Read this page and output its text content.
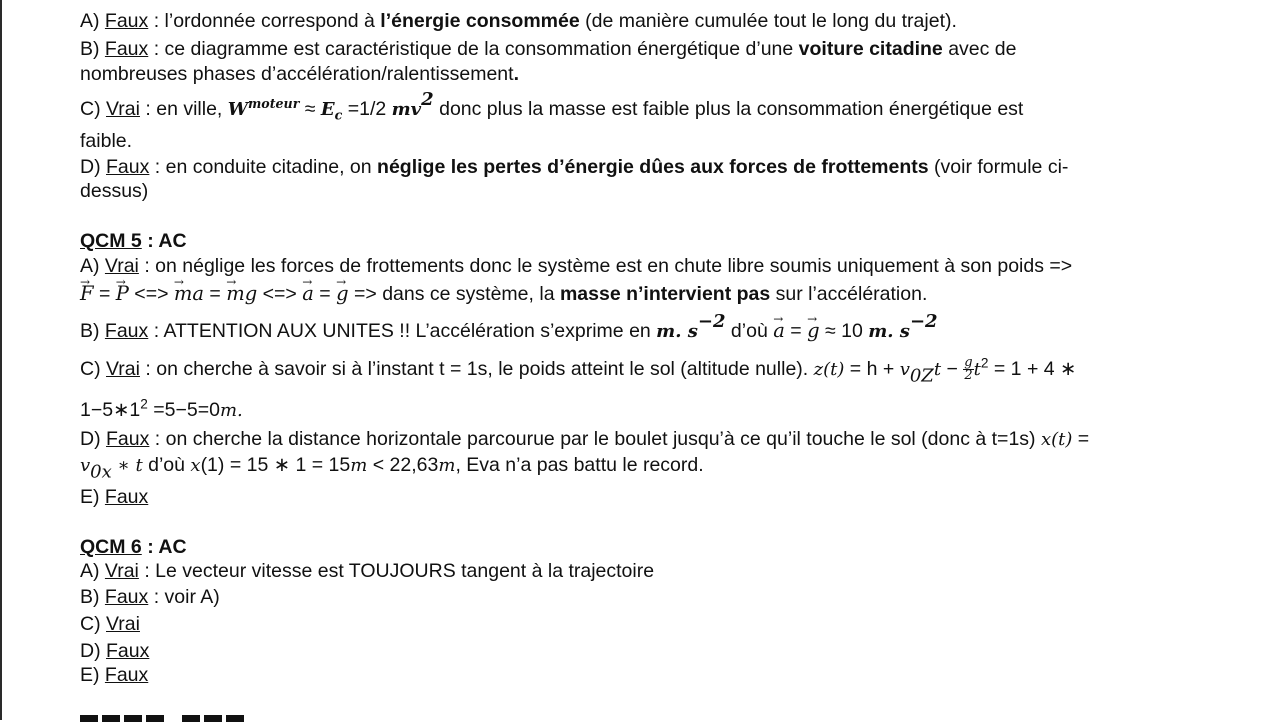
A) Faux : l’ordonnée correspond à l’énergie consommée (de manière cumulée tout le long du trajet).
B) Faux : ce diagramme est caractéristique de la consommation énergétique d’une voiture citadine avec de
nombreuses phases d’accélération/ralentissement.
C) Vrai : en ville, $W^{moteur} \approx E_c =1/2$ $mv^2$ donc plus la masse est faible plus la consommation énergétique est
faible.
D) Faux : en conduite citadine, on néglige les pertes d’énergie dûes aux forces de frottements (voir formule ci-
dessus)
QCM 5 : AC
A) Vrai : on néglige les forces de frottements donc le système est en chute libre soumis uniquement à son poids =>
→ F = → P <=> → ma = → mg <=> → a = → g => dans ce système, la masse n’intervient pas sur l’accélération.
B) Faux : ATTENTION AUX UNITES !! L’accélération s’exprime en m. $s^{-2}$ d’où → a = → g ≈ 10 m. $s^{-2}$
C) Vrai : on cherche à savoir si à l’instant t = 1s, le poids atteint le sol (altitude nulle). $z(t) = h + v_{0Z}t - \frac{g}{2} t^2 = 1 + 4$ ∗
$1-5∗1^2 =5-5=0m$.
D) Faux : on cherche la distance horizontale parcourue par le boulet jusqu’à ce qu’il touche le sol (donc à t=1s) x(t) =
$v_{0x}$ ∗ t d’où x(1) = 15 ∗ 1 = 15m < 22,63m, Eva n’a pas battu le record.
E) Faux
QCM 6 : AC
A) Vrai : Le vecteur vitesse est TOUJOURS tangent à la trajectoire
B) Faux : voir A)
C) Vrai
D) Faux
E) Faux
